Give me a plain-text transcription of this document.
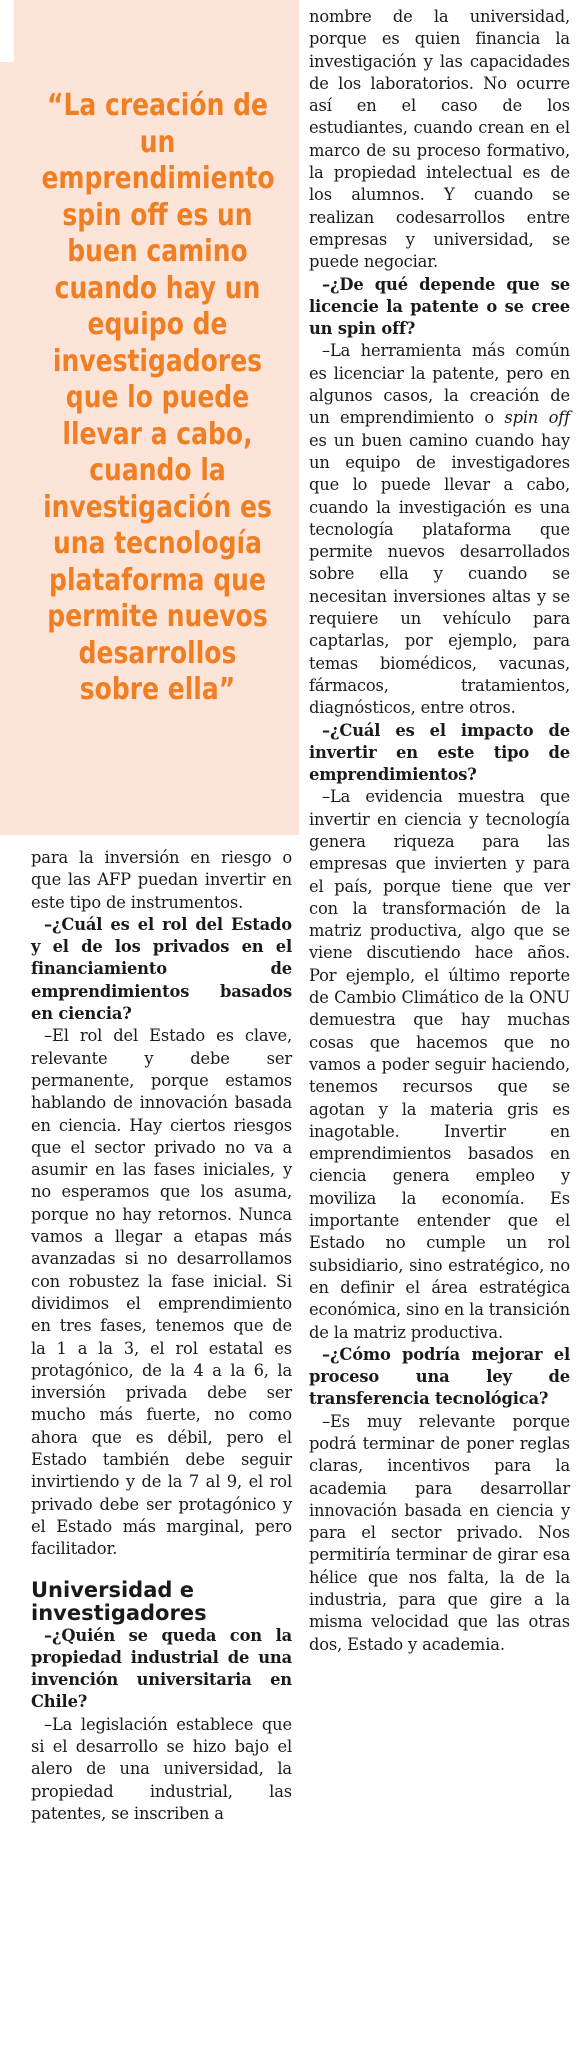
“La creación de un emprendimiento spin off es un buen camino cuando hay un equipo de investigadores que lo puede llevar a cabo, cuando la investigación es una tecnología plataforma que permite nuevos desarrollos sobre ella”

para la inversión en riesgo o que las AFP puedan invertir en este tipo de instrumentos.

–¿Cuál es el rol del Estado y el de los privados en el financiamiento de emprendimientos basados en ciencia?

–El rol del Estado es clave, relevante y debe ser permanente, porque estamos hablando de innovación basada en ciencia. Hay ciertos riesgos que el sector privado no va a asumir en las fases iniciales, y no esperamos que los asuma, porque no hay retornos. Nunca vamos a llegar a etapas más avanzadas si no desarrollamos con robustez la fase inicial. Si dividimos el emprendimiento en tres fases, tenemos que de la 1 a la 3, el rol estatal es protagónico, de la 4 a la 6, la inversión privada debe ser mucho más fuerte, no como ahora que es débil, pero el Estado también debe seguir invirtiendo y de la 7 al 9, el rol privado debe ser protagónico y el Estado más marginal, pero facilitador.

Universidad e investigadores

–¿Quién se queda con la propiedad industrial de una invención universitaria en Chile?

–La legislación establece que si el desarrollo se hizo bajo el alero de una universidad, la propiedad industrial, las patentes, se inscriben a

nombre de la universidad, porque es quien financia la investigación y las capacidades de los laboratorios. No ocurre así en el caso de los estudiantes, cuando crean en el marco de su proceso formativo, la propiedad intelectual es de los alumnos. Y cuando se realizan codesarrollos entre empresas y universidad, se puede negociar.

–¿De qué depende que se licencie la patente o se cree un spin off?

–La herramienta más común es licenciar la patente, pero en algunos casos, la creación de un emprendimiento o spin off es un buen camino cuando hay un equipo de investigadores que lo puede llevar a cabo, cuando la investigación es una tecnología plataforma que permite nuevos desarrollados sobre ella y cuando se necesitan inversiones altas y se requiere un vehículo para captarlas, por ejemplo, para temas biomédicos, vacunas, fármacos, tratamientos, diagnósticos, entre otros.

–¿Cuál es el impacto de invertir en este tipo de emprendimientos?

–La evidencia muestra que invertir en ciencia y tecnología genera riqueza para las empresas que invierten y para el país, porque tiene que ver con la transformación de la matriz productiva, algo que se viene discutiendo hace años. Por ejemplo, el último reporte de Cambio Climático de la ONU demuestra que hay muchas cosas que hacemos que no vamos a poder seguir haciendo, tenemos recursos que se agotan y la materia gris es inagotable. Invertir en emprendimientos basados en ciencia genera empleo y moviliza la economía. Es importante entender que el Estado no cumple un rol subsidiario, sino estratégico, no en definir el área estratégica económica, sino en la transición de la matriz productiva.

–¿Cómo podría mejorar el proceso una ley de transferencia tecnológica?

–Es muy relevante porque podrá terminar de poner reglas claras, incentivos para la academia para desarrollar innovación basada en ciencia y para el sector privado. Nos permitiría terminar de girar esa hélice que nos falta, la de la industria, para que gire a la misma velocidad que las otras dos, Estado y academia.
